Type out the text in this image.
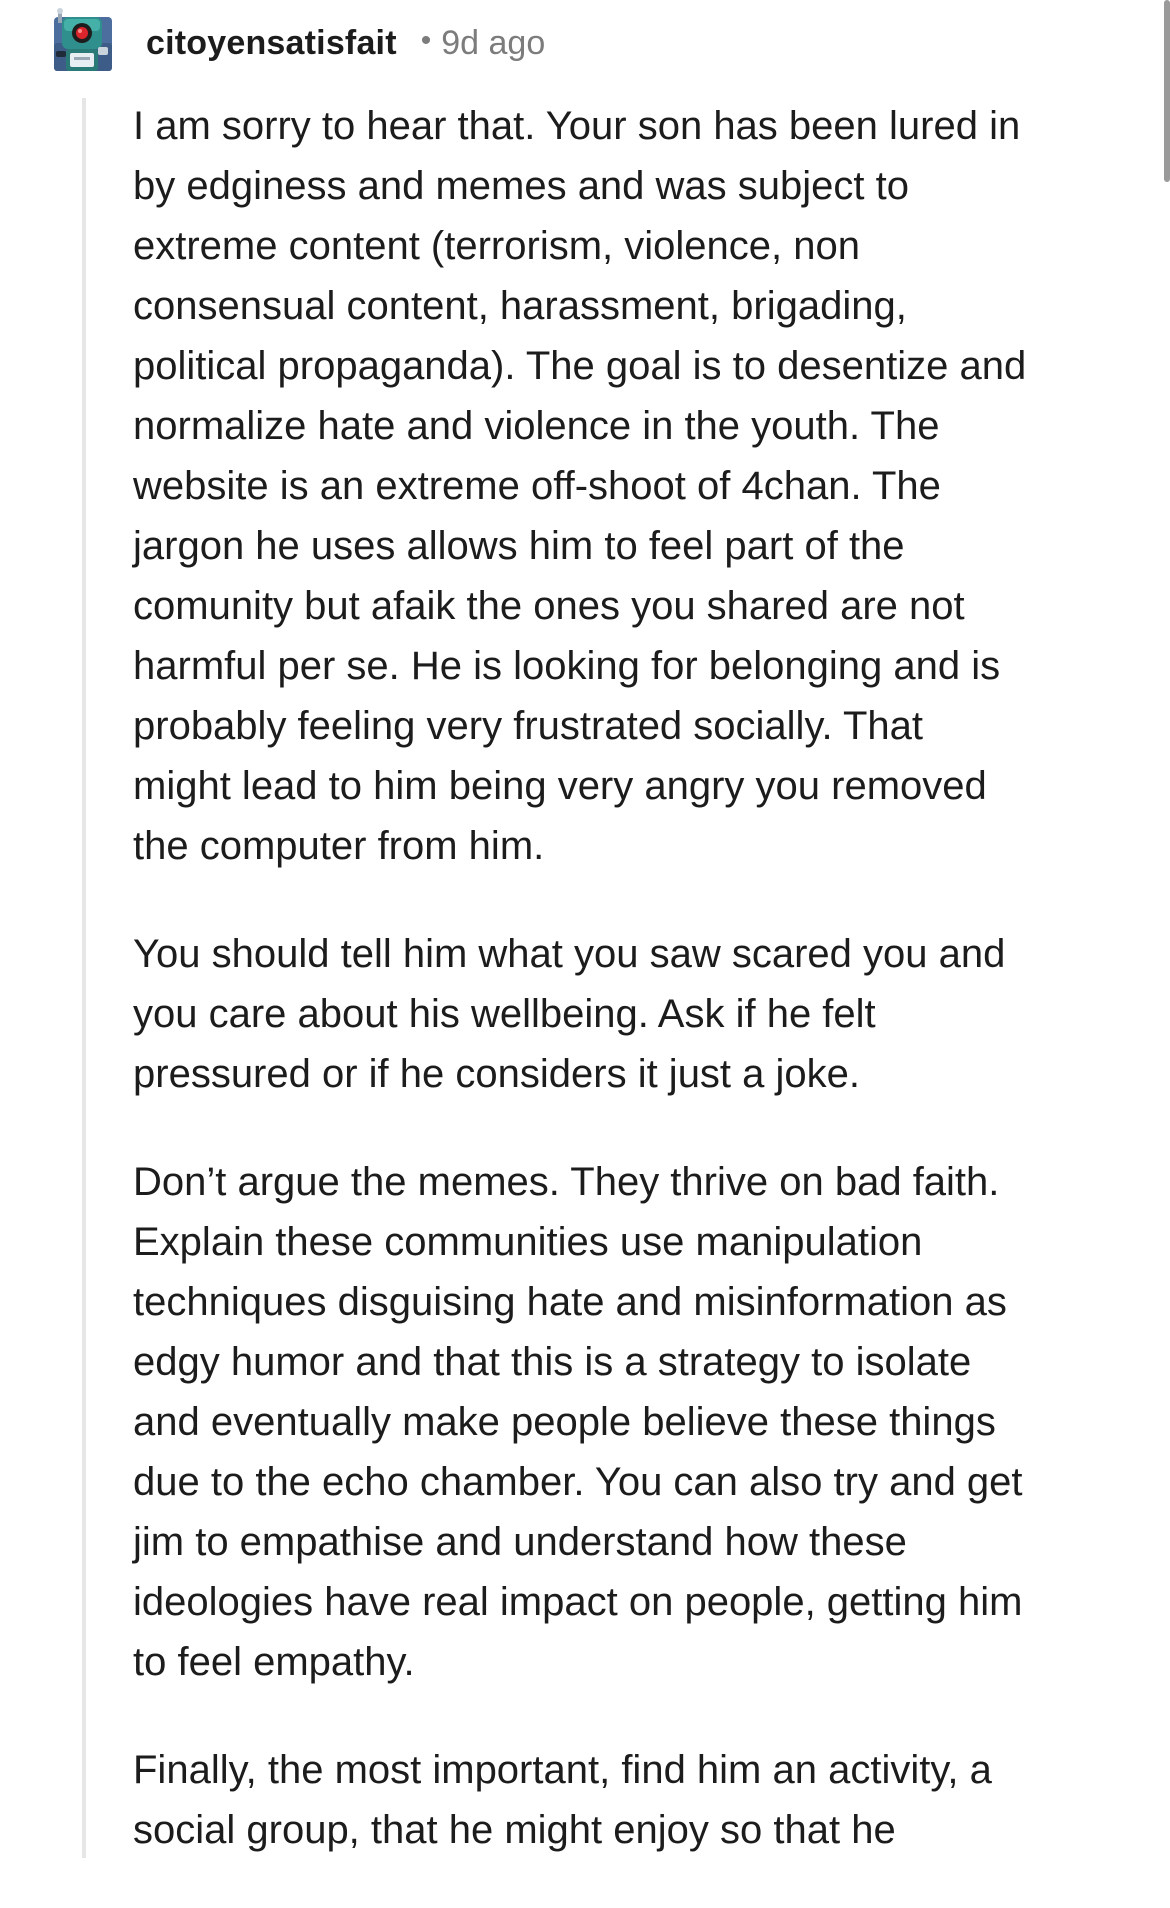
citoyensatisfait • 9d ago

I am sorry to hear that. Your son has been lured in
by edginess and memes and was subject to
extreme content (terrorism, violence, non
consensual content, harassment, brigading,
political propaganda). The goal is to desentize and
normalize hate and violence in the youth. The
website is an extreme off-shoot of 4chan. The
jargon he uses allows him to feel part of the
comunity but afaik the ones you shared are not
harmful per se. He is looking for belonging and is
probably feeling very frustrated socially. That
might lead to him being very angry you removed
the computer from him.

You should tell him what you saw scared you and
you care about his wellbeing. Ask if he felt
pressured or if he considers it just a joke.

Don’t argue the memes. They thrive on bad faith.
Explain these communities use manipulation
techniques disguising hate and misinformation as
edgy humor and that this is a strategy to isolate
and eventually make people believe these things
due to the echo chamber. You can also try and get
jim to empathise and understand how these
ideologies have real impact on people, getting him
to feel empathy.

Finally, the most important, find him an activity, a
social group, that he might enjoy so that he
